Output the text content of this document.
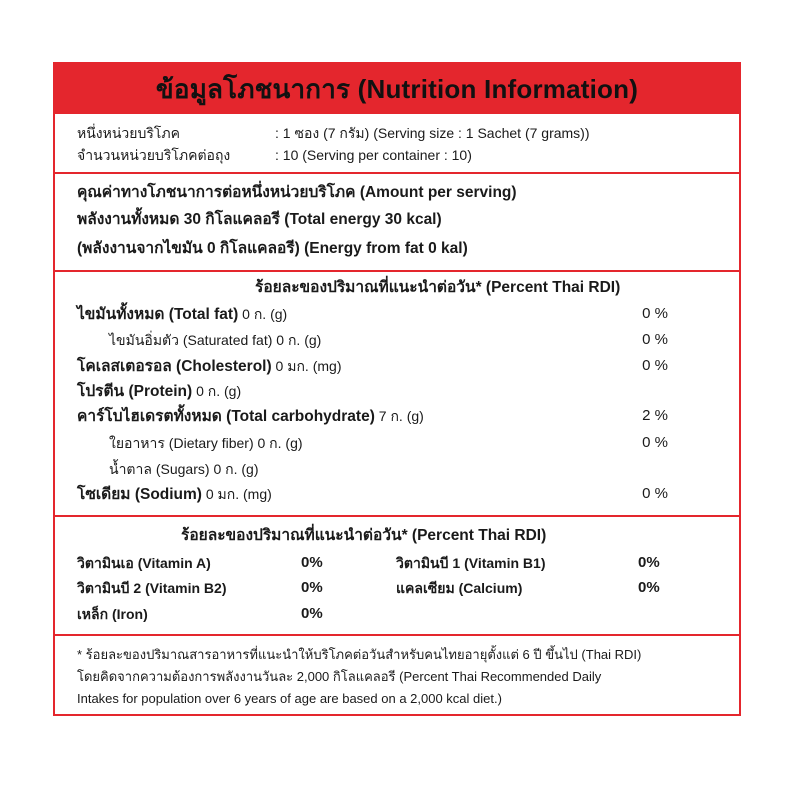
ข้อมูลโภชนาการ (Nutrition Information)
หนึ่งหน่วยบริโภค	: 1 ซอง (7 กรัม) (Serving size : 1 Sachet (7 grams))
จำนวนหน่วยบริโภคต่อถุง	: 10 (Serving per container : 10)
คุณค่าทางโภชนาการต่อหนึ่งหน่วยบริโภค (Amount per serving)
พลังงานทั้งหมด 30 กิโลแคลอรี (Total energy 30 kcal)
(พลังงานจากไขมัน 0 กิโลแคลอรี) (Energy from fat 0 kal)
ร้อยละของปริมาณที่แนะนำต่อวัน* (Percent Thai RDI)
ไขมันทั้งหมด (Total fat) 0 ก. (g)	0 %
ไขมันอิ่มตัว (Saturated fat) 0 ก. (g)	0 %
โคเลสเตอรอล (Cholesterol) 0 มก. (mg)	0 %
โปรตีน (Protein) 0 ก. (g)
คาร์โบไฮเดรตทั้งหมด (Total carbohydrate) 7 ก. (g)	2 %
ใยอาหาร (Dietary fiber) 0 ก. (g)	0 %
น้ำตาล (Sugars) 0 ก. (g)
โซเดียม (Sodium) 0 มก. (mg)	0 %
ร้อยละของปริมาณที่แนะนำต่อวัน* (Percent Thai RDI)
วิตามินเอ (Vitamin A)	0%	วิตามินบี 1 (Vitamin B1)	0%
วิตามินบี 2 (Vitamin B2)	0%	แคลเซียม (Calcium)	0%
เหล็ก (Iron)	0%
* ร้อยละของปริมาณสารอาหารที่แนะนำให้บริโภคต่อวันสำหรับคนไทยอายุตั้งแต่ 6 ปี ขึ้นไป (Thai RDI)
โดยคิดจากความต้องการพลังงานวันละ 2,000 กิโลแคลอรี (Percent Thai Recommended Daily
Intakes for population over 6 years of age are based on a 2,000 kcal diet.)
